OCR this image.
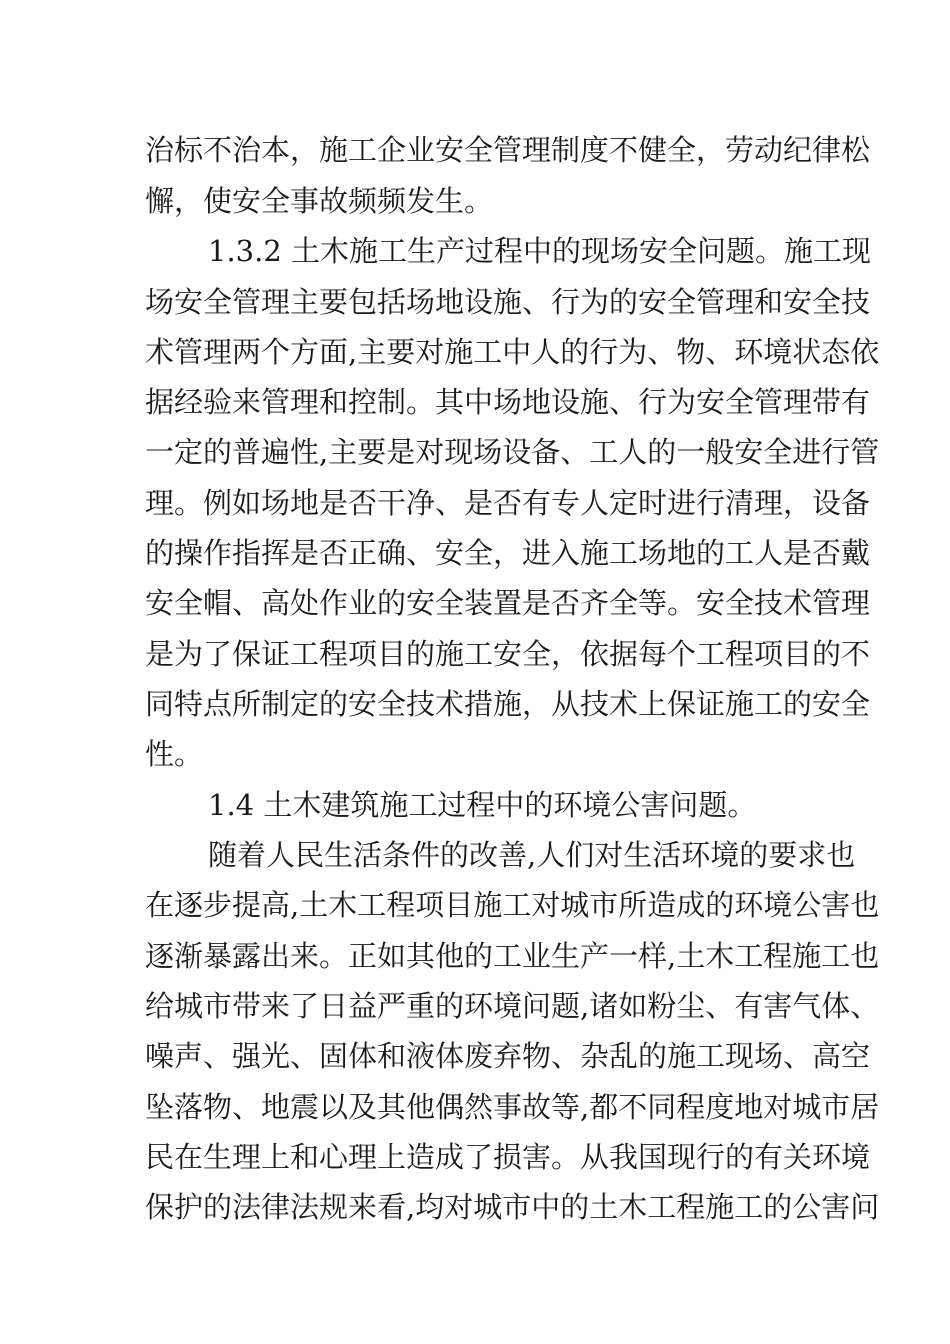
治标不治本，施工企业安全管理制度不健全，劳动纪律松
懈，使安全事故频频发生。
1.3.2 土木施工生产过程中的现场安全问题。施工现
场安全管理主要包括场地设施、行为的安全管理和安全技
术管理两个方面,主要对施工中人的行为、物、环境状态依
据经验来管理和控制。其中场地设施、行为安全管理带有
一定的普遍性,主要是对现场设备、工人的一般安全进行管
理。例如场地是否干净、是否有专人定时进行清理，设备
的操作指挥是否正确、安全，进入施工场地的工人是否戴
安全帽、高处作业的安全装置是否齐全等。安全技术管理
是为了保证工程项目的施工安全，依据每个工程项目的不
同特点所制定的安全技术措施，从技术上保证施工的安全
性。
1.4 土木建筑施工过程中的环境公害问题。
随着人民生活条件的改善,人们对生活环境的要求也
在逐步提高,土木工程项目施工对城市所造成的环境公害也
逐渐暴露出来。正如其他的工业生产一样,土木工程施工也
给城市带来了日益严重的环境问题,诸如粉尘、有害气体、
噪声、强光、固体和液体废弃物、杂乱的施工现场、高空
坠落物、地震以及其他偶然事故等,都不同程度地对城市居
民在生理上和心理上造成了损害。从我国现行的有关环境
保护的法律法规来看,均对城市中的土木工程施工的公害问
